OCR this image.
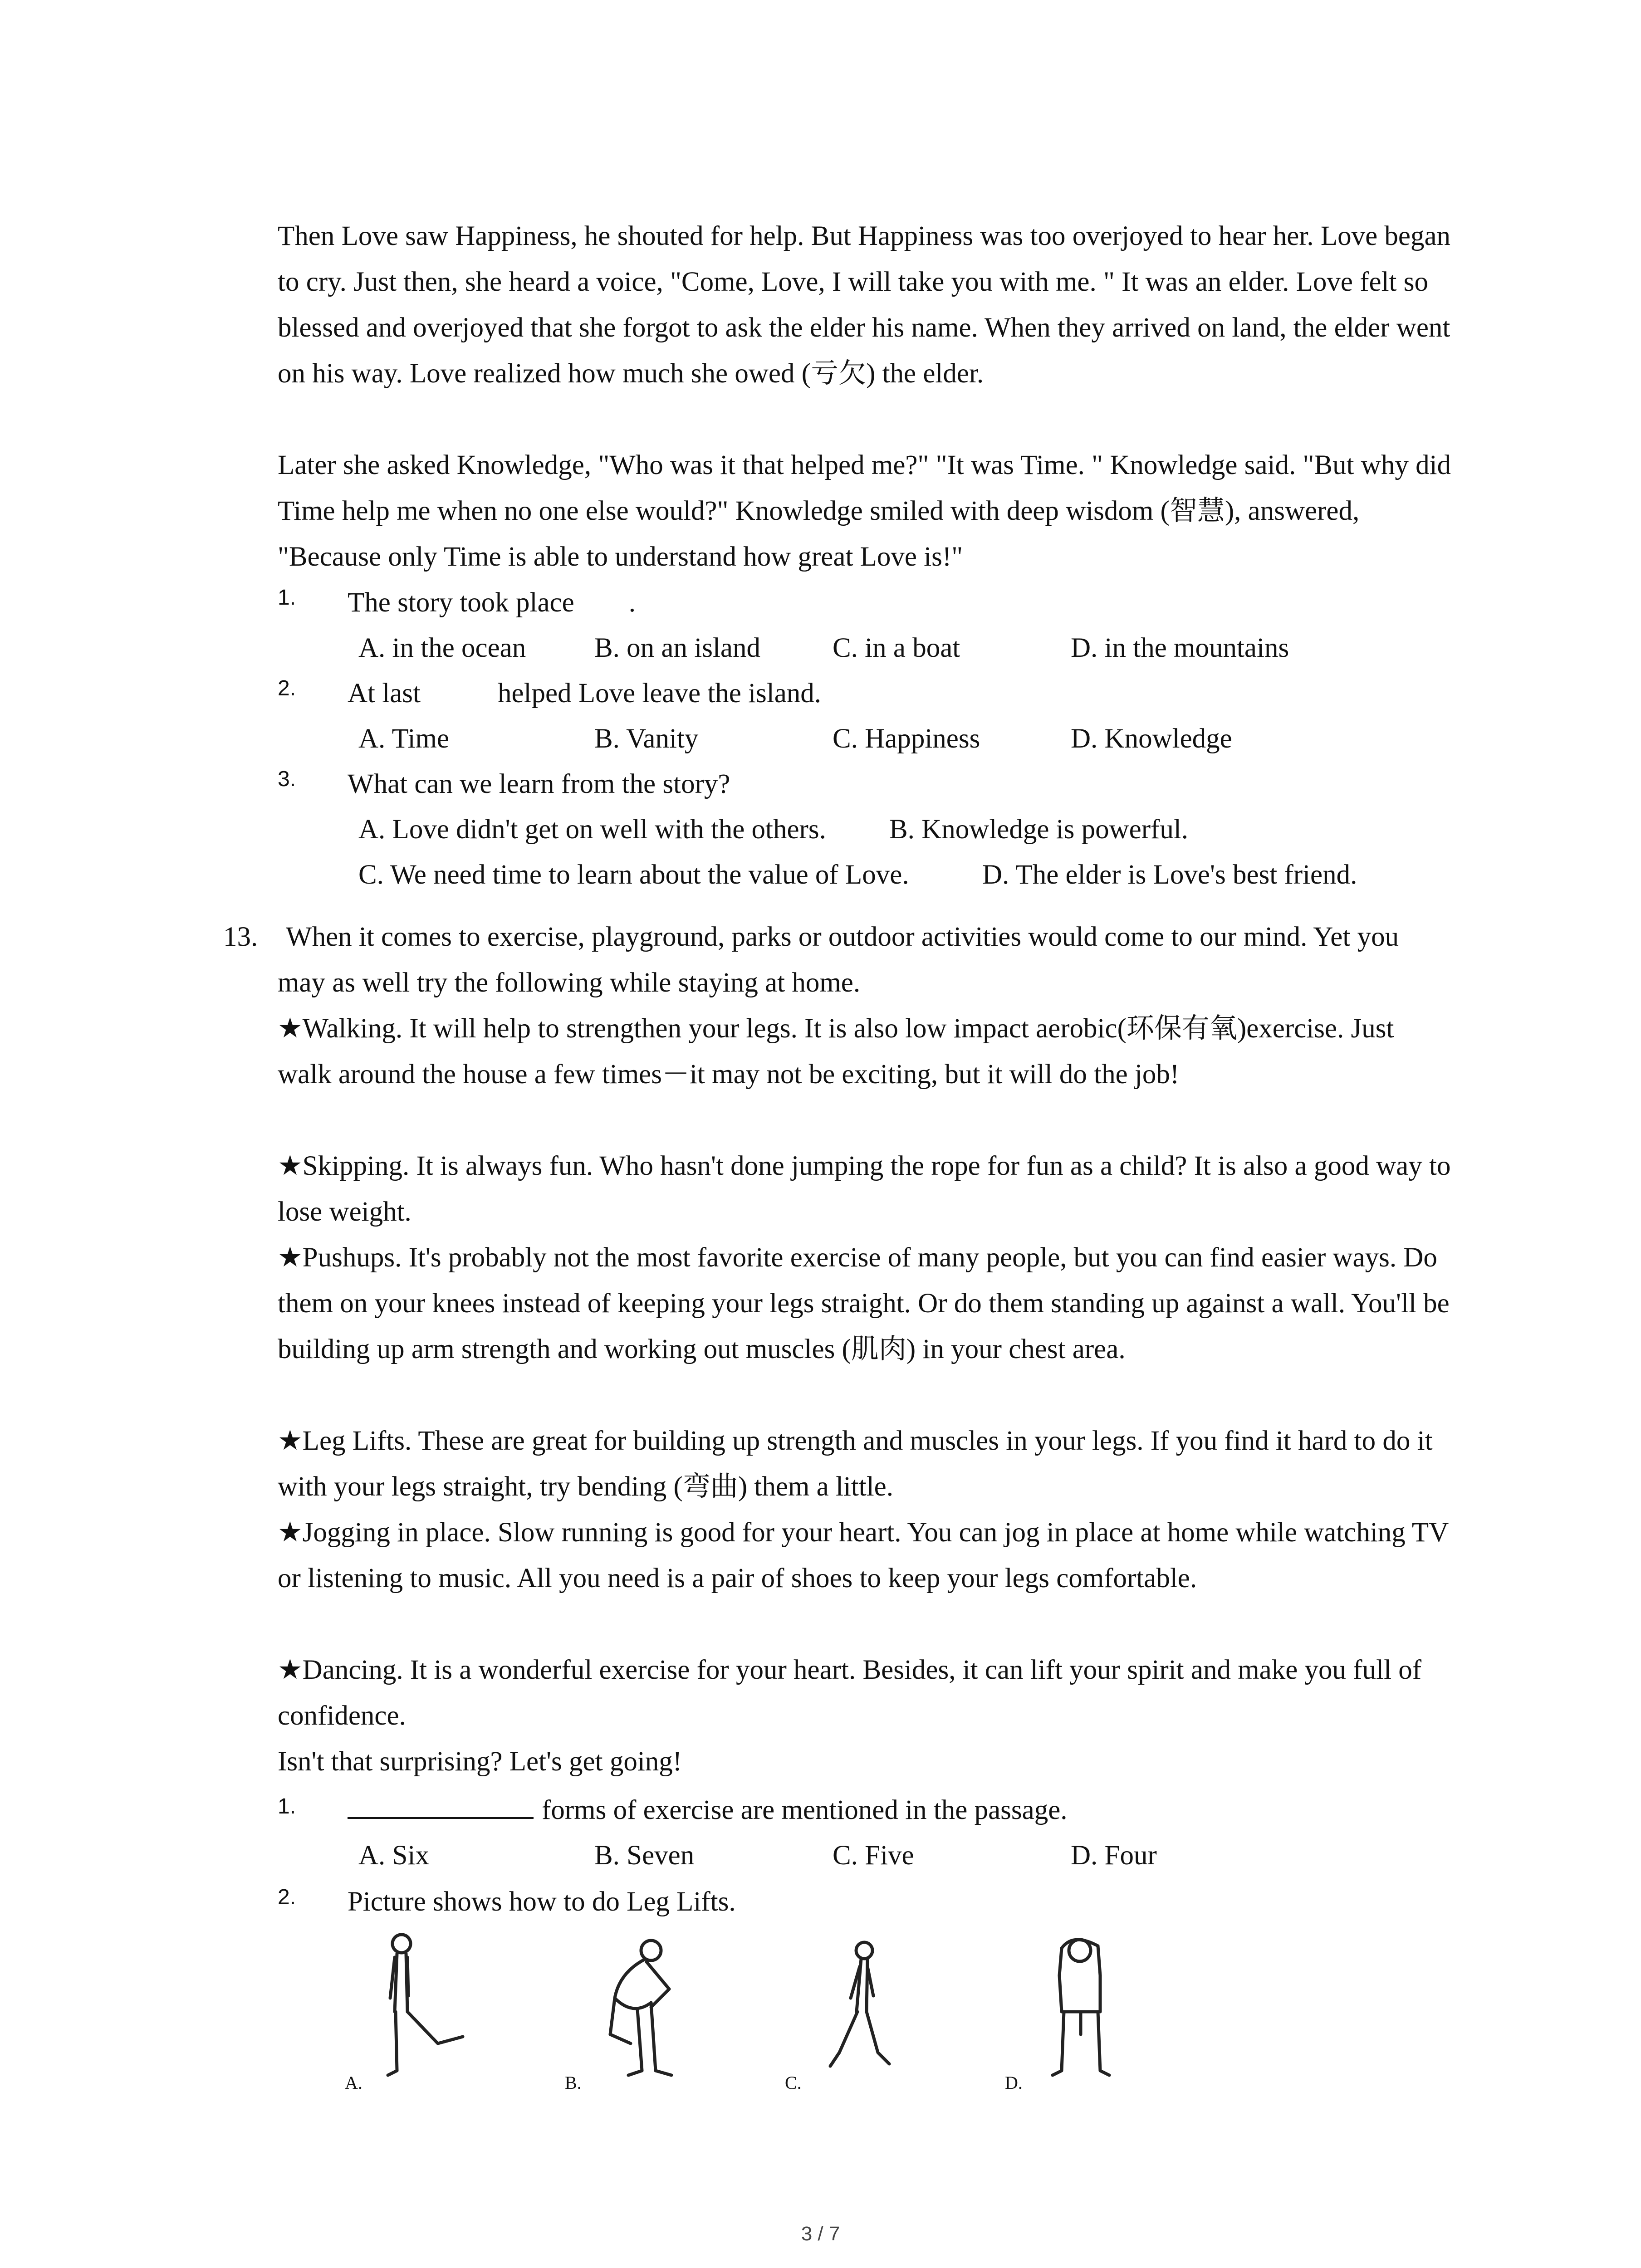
Then Love saw Happiness, he shouted for help. But Happiness was too overjoyed to hear her. Love began to cry. Just then, she heard a voice, "Come, Love, I will take you with me. " It was an elder. Love felt so blessed and overjoyed that she forgot to ask the elder his name. When they arrived on land, the elder went on his way. Love realized how much she owed (亏欠) the elder.

Later she asked Knowledge, "Who was it that helped me?" "It was Time. " Knowledge said. "But why did Time help me when no one else would?" Knowledge smiled with deep wisdom (智慧), answered, "Because only Time is able to understand how great Love is!"

1. The story took place .
A. in the ocean B. on an island	C. in a boat	D. in the mountains
2. At last	helped Love leave the island.
A. Time	B. Vanity	C. Happiness	D. Knowledge
3. What can we learn from the story?
A. Love didn't get on well with the others. B. Knowledge is powerful.
C. We need time to learn about the value of Love.	D. The elder is Love's best friend.
13. When it comes to exercise, playground, parks or outdoor activities would come to our mind. Yet you may as well try the following while staying at home.

★Walking. It will help to strengthen your legs. It is also low impact aerobic(环保有氧)exercise. Just walk around the house a few times－it may not be exciting, but it will do the job!

★Skipping. It is always fun. Who hasn't done jumping the rope for fun as a child? It is also a good way to lose weight.

★Pushups. It's probably not the most favorite exercise of many people, but you can find easier ways. Do them on your knees instead of keeping your legs straight. Or do them standing up against a wall. You'll be building up arm strength and working out muscles (肌肉) in your chest area.

★Leg Lifts. These are great for building up strength and muscles in your legs. If you find it hard to do it with your legs straight, try bending (弯曲) them a little.

★Jogging in place. Slow running is good for your heart. You can jog in place at home while watching TV or listening to music. All you need is a pair of shoes to keep your legs comfortable.

★Dancing. It is a wonderful exercise for your heart. Besides, it can lift your spirit and make you full of confidence.

Isn't that surprising? Let's get going!

1.	forms of exercise are mentioned in the passage.
A. Six	B. Seven	C. Five	D. Four
2. Picture shows how to do Leg Lifts.
A.	B.	C.	D.
3 / 7
